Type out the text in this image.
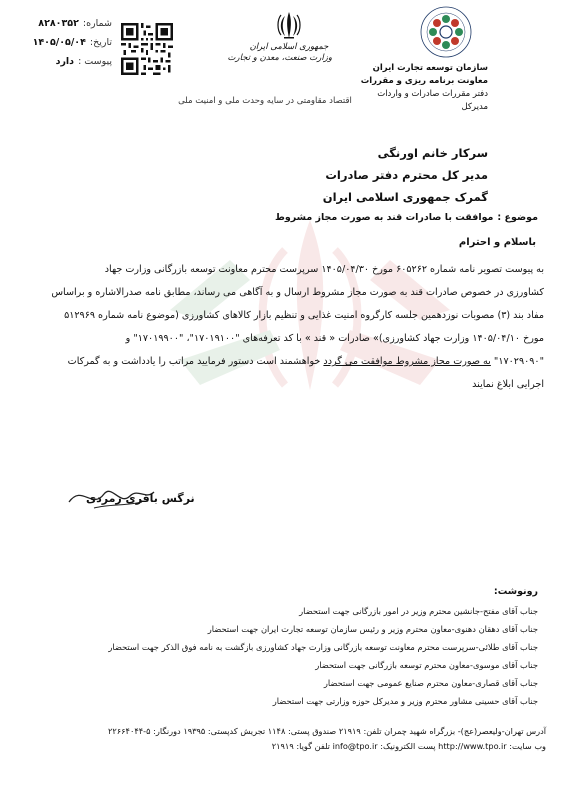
شماره:
۸۲۸۰۳۵۲
تاریخ:
۱۴۰۵/۰۵/۰۴
پیوست :
دارد
جمهوری اسلامی ایران
وزارت صنعت، معدن و تجارت
سازمان توسعه تجارت ایران
معاونت برنامه ریزی و مقررات
دفتر مقررات صادرات و واردات
مدیرکل
اقتصاد مقاومتی در سایه وحدت ملی و امنیت ملی
سرکار خانم اورنگی
مدیر کل محترم دفتر صادرات
گمرک جمهوری اسلامی ایران
موضوع :
موافقت با صادرات قند به صورت مجاز مشروط
باسلام و احترام
به پیوست تصویر نامه شماره ۶۰۵۲۶۲ مورخ ۱۴۰۵/۰۴/۳۰ سرپرست محترم معاونت توسعه بازرگانی وزارت جهاد
کشاورزی در خصوص صادرات قند به صورت مجاز مشروط ارسال و به آگاهی می رساند، مطابق نامه صدرالاشاره و براساس
مفاد بند (۳) مصوبات نوزدهمین جلسه کارگروه امنیت غذایی و تنظیم بازار کالاهای کشاورزی (موضوع نامه شماره ۵۱۲۹۶۹
مورخ ۱۴۰۵/۰۴/۱۰ وزارت جهاد کشاورزی)» صادرات « قند » با کد تعرفه‌های "۱۷۰۱۹۱۰۰"، "۱۷۰۱۹۹۰۰" و
"۱۷۰۲۹۰۹۰" به صورت مجاز مشروط موافقت می گردد خواهشمند است دستور فرمایید مراتب را یادداشت و به گمرکات
اجرایی ابلاغ نمایند
نرگس باقری زمردی
رونوشت:
جناب آقای مفتح-جانشین محترم وزیر در امور بازرگانی جهت استحضار
جناب آقای دهقان دهنوی-معاون محترم وزیر و رئیس سازمان توسعه تجارت ایران جهت استحضار
جناب آقای طلائی-سرپرست محترم معاونت توسعه بازرگانی وزارت جهاد کشاورزی بازگشت به نامه فوق الذکر جهت استحضار
جناب آقای موسوی-معاون محترم توسعه بازرگانی جهت استحضار
جناب آقای قصاری-معاون محترم صنایع عمومی جهت استحضار
جناب آقای حسینی مشاور محترم وزیر و مدیرکل حوزه وزارتی جهت استحضار
آدرس تهران-ولیعصر(عج)- بزرگراه شهید چمران تلفن: ۲۱۹۱۹ صندوق پستی: ۱۱۴۸ تجریش کدپستی: ۱۹۳۹۵ دورنگار: ۵-۲۲۶۶۴۰۴۴
وب سایت: http://www.tpo.ir پست الکترونیک: info@tpo.ir تلفن گویا: ۲۱۹۱۹
